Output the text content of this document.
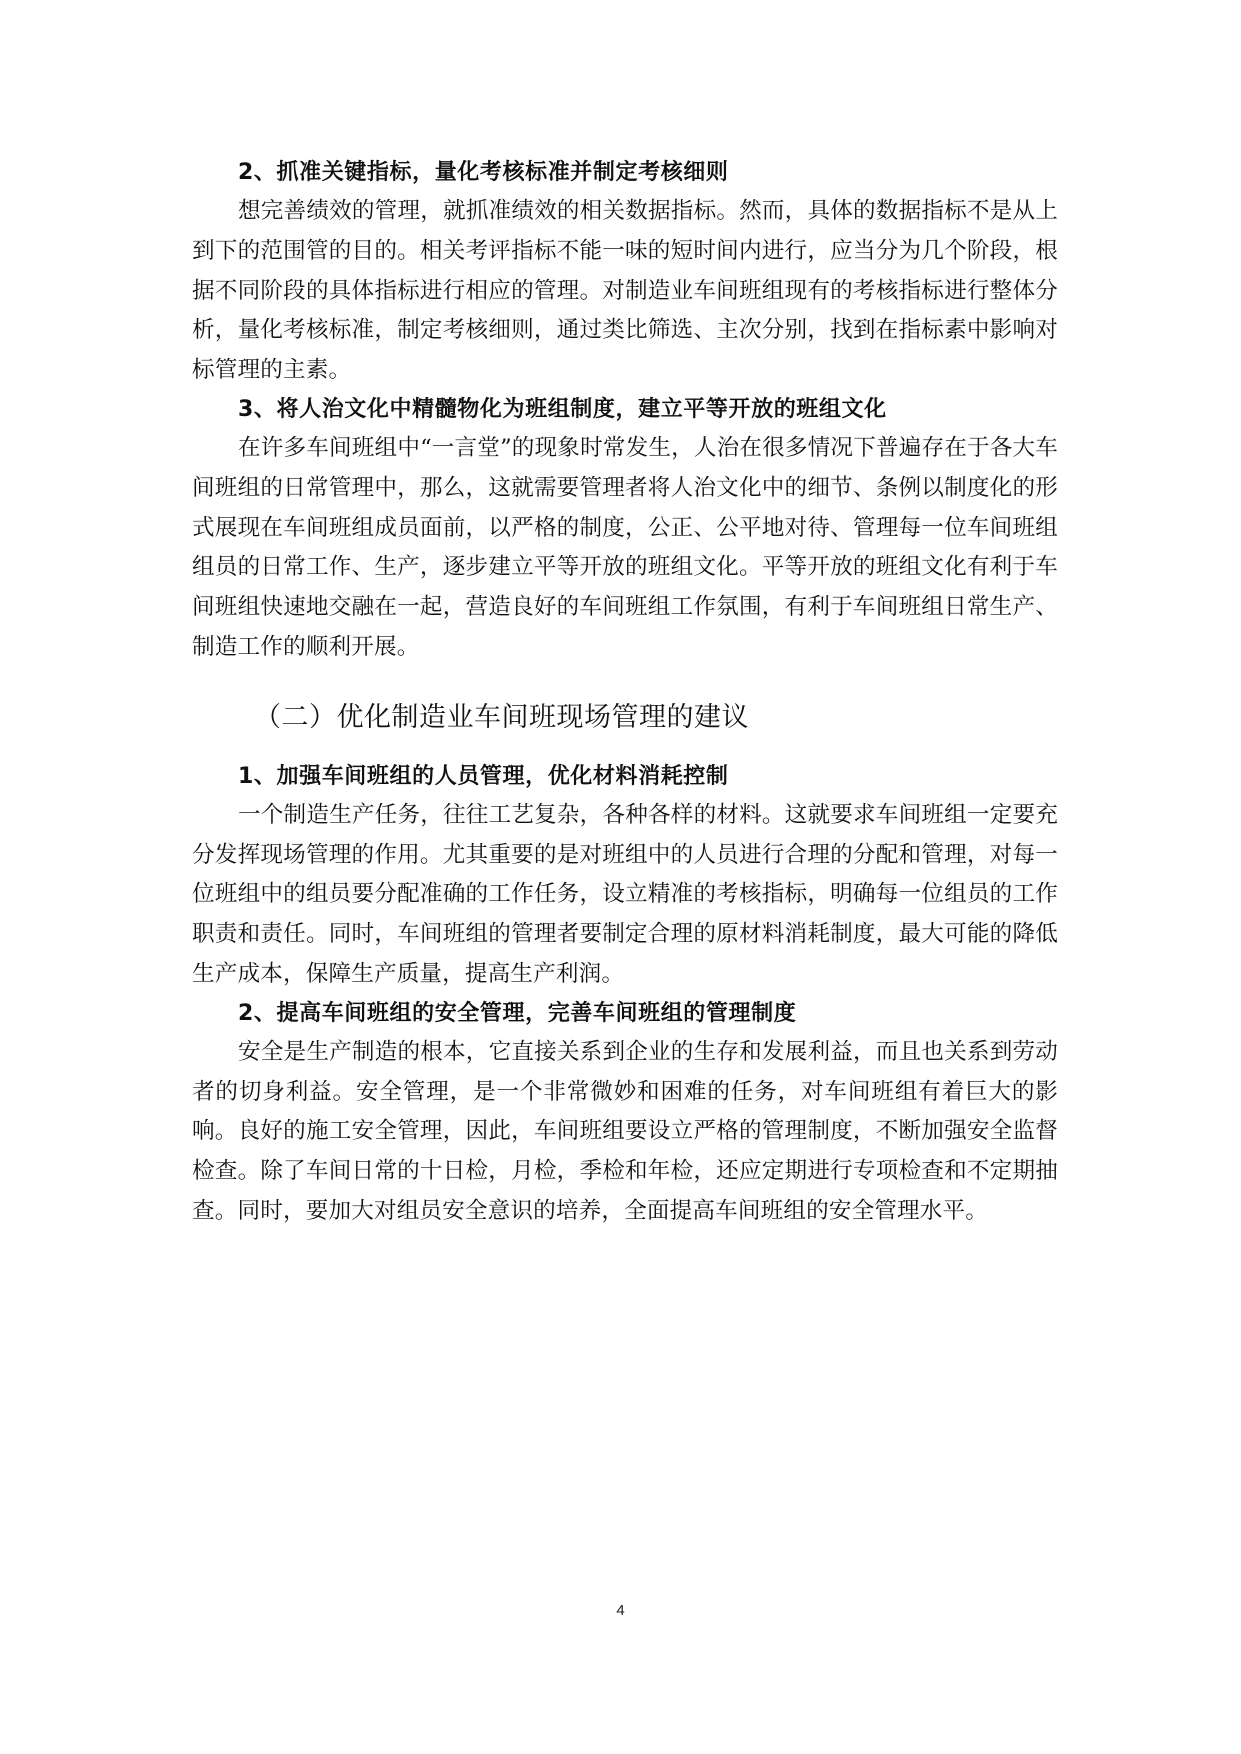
2、抓准关键指标，量化考核标准并制定考核细则

想完善绩效的管理，就抓准绩效的相关数据指标。然而，具体的数据指标不是从上到下的范围管的目的。相关考评指标不能一味的短时间内进行，应当分为几个阶段，根据不同阶段的具体指标进行相应的管理。对制造业车间班组现有的考核指标进行整体分析，量化考核标准，制定考核细则，通过类比筛选、主次分别，找到在指标素中影响对标管理的主素。

3、将人治文化中精髓物化为班组制度，建立平等开放的班组文化

在许多车间班组中“一言堂”的现象时常发生，人治在很多情况下普遍存在于各大车间班组的日常管理中，那么，这就需要管理者将人治文化中的细节、条例以制度化的形式展现在车间班组成员面前，以严格的制度，公正、公平地对待、管理每一位车间班组组员的日常工作、生产，逐步建立平等开放的班组文化。平等开放的班组文化有利于车间班组快速地交融在一起，营造良好的车间班组工作氛围，有利于车间班组日常生产、制造工作的顺利开展。

（二）优化制造业车间班现场管理的建议

1、加强车间班组的人员管理，优化材料消耗控制

一个制造生产任务，往往工艺复杂，各种各样的材料。这就要求车间班组一定要充分发挥现场管理的作用。尤其重要的是对班组中的人员进行合理的分配和管理，对每一位班组中的组员要分配准确的工作任务，设立精准的考核指标，明确每一位组员的工作职责和责任。同时，车间班组的管理者要制定合理的原材料消耗制度，最大可能的降低生产成本，保障生产质量，提高生产利润。

2、提高车间班组的安全管理，完善车间班组的管理制度

安全是生产制造的根本，它直接关系到企业的生存和发展利益，而且也关系到劳动者的切身利益。安全管理，是一个非常微妙和困难的任务，对车间班组有着巨大的影响。良好的施工安全管理，因此，车间班组要设立严格的管理制度，不断加强安全监督检查。除了车间日常的十日检，月检，季检和年检，还应定期进行专项检查和不定期抽查。同时，要加大对组员安全意识的培养，全面提高车间班组的安全管理水平。

4
